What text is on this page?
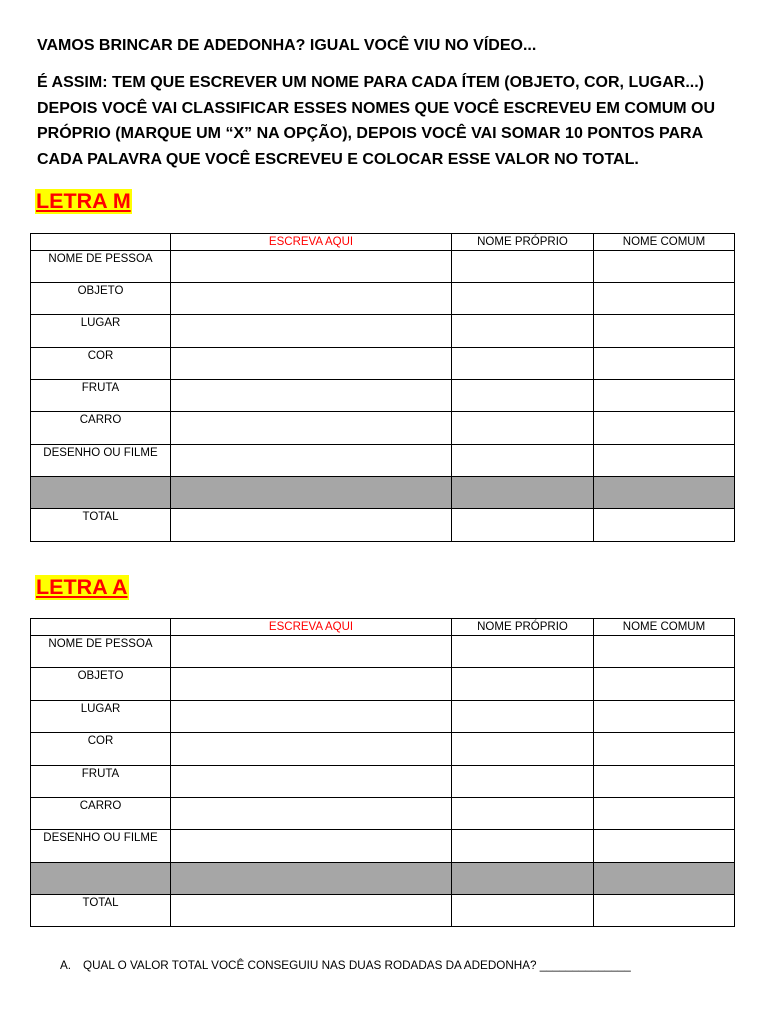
VAMOS BRINCAR DE ADEDONHA? IGUAL VOCÊ VIU NO VÍDEO...
É ASSIM: TEM QUE ESCREVER UM NOME PARA CADA ÍTEM (OBJETO, COR, LUGAR...)
DEPOIS VOCÊ VAI CLASSIFICAR ESSES NOMES QUE VOCÊ ESCREVEU EM COMUM OU
PRÓPRIO (MARQUE UM “X” NA OPÇÃO), DEPOIS VOCÊ VAI SOMAR 10 PONTOS PARA
CADA PALAVRA QUE VOCÊ ESCREVEU E COLOCAR ESSE VALOR NO TOTAL.
LETRA M
	ESCREVA AQUI	NOME PRÓPRIO	NOME COMUM
NOME DE PESSOA			
OBJETO			
LUGAR			
COR			
FRUTA			
CARRO			
DESENHO OU FILME			

TOTAL			
LETRA A
	ESCREVA AQUI	NOME PRÓPRIO	NOME COMUM
NOME DE PESSOA			
OBJETO			
LUGAR			
COR			
FRUTA			
CARRO			
DESENHO OU FILME			

TOTAL			
A. QUAL O VALOR TOTAL VOCÊ CONSEGUIU NAS DUAS RODADAS DA ADEDONHA? ______________
